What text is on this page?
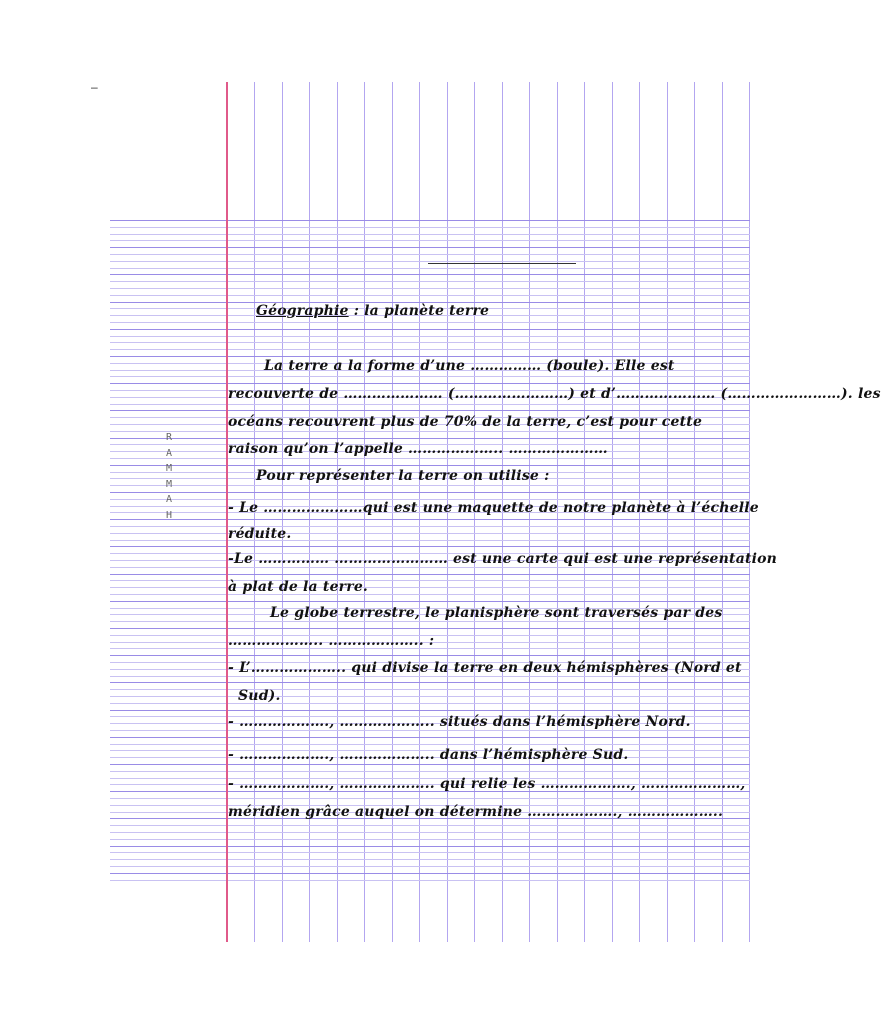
–
R
A
M
M
A
H
Géographie : la planète terre
La terre a la forme d’une …………… (boule). Elle est
recouverte de ………………… (……………………) et d’………………… (……………………). les
océans recouvrent plus de 70% de la terre, c’est pour cette
raison qu’on l’appelle ……………….. …………………
Pour représenter la terre on utilise :
- Le …………………qui est une maquette de notre planète à l’échelle
réduite.
-Le …………… …………………… est une carte qui est une représentation
à plat de la terre.
Le globe terrestre, le planisphère sont traversés par des
……………….. ……………….. :
- L’……………….. qui divise la terre en deux hémisphères (Nord et
Sud).
- ………………., ……………….. situés dans l’hémisphère Nord.
- ………………., ……………….. dans l’hémisphère Sud.
- ………………., ……………….. qui relie les ………………., …………………,
méridien grâce auquel on détermine ………………., ………………..
